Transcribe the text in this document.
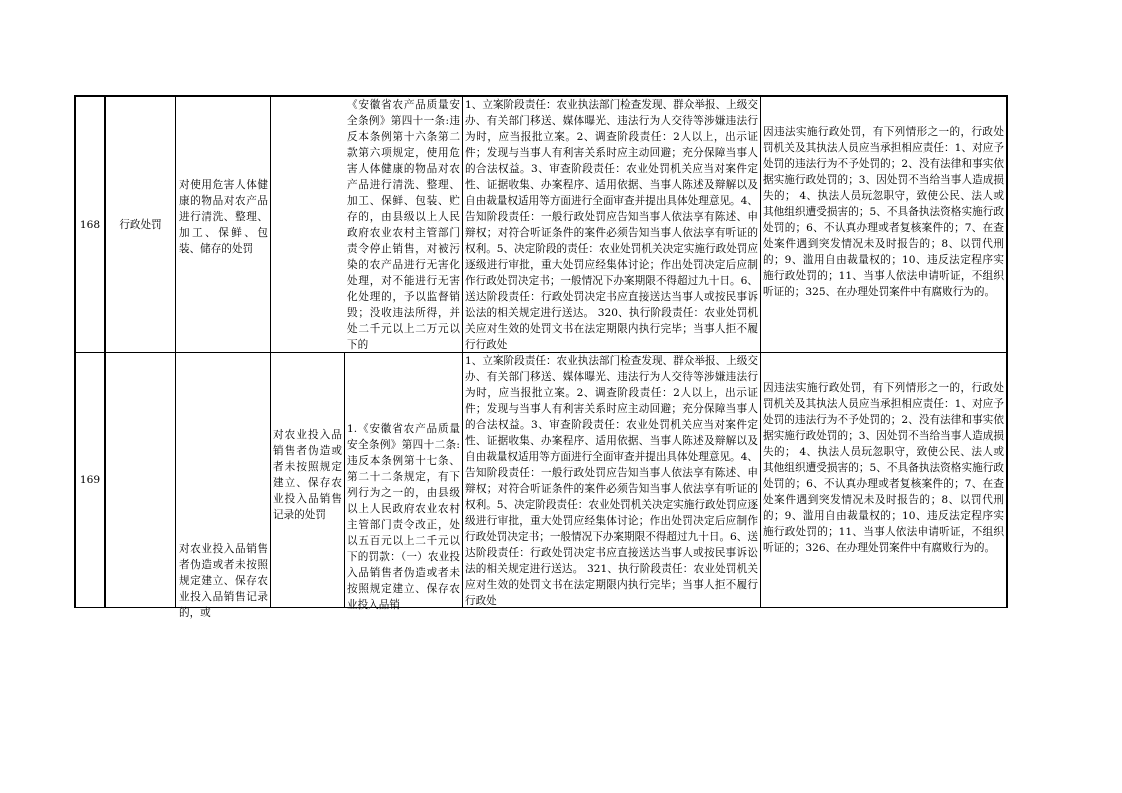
168 行政处罚
对使用危害人体健康的物品对农产品进行清洗、整理、加工、保鲜、包装、储存的处罚
《安徽省农产品质量安全条例》第四十一条:违反本条例第十六条第二款第六项规定，使用危害人体健康的物品对农产品进行清洗、整理、加工、保鲜、包装、贮存的，由县级以上人民政府农业农村主管部门责令停止销售，对被污染的农产品进行无害化处理，对不能进行无害化处理的，予以监督销毁；没收违法所得，并处二千元以上二万元以下的
1、立案阶段责任：农业执法部门检查发现、群众举报、上级交办、有关部门移送、媒体曝光、违法行为人交待等涉嫌违法行为时，应当报批立案。2、调查阶段责任：2人以上，出示证件；发现与当事人有利害关系时应主动回避；充分保障当事人的合法权益。3、审查阶段责任：农业处罚机关应当对案件定性、证据收集、办案程序、适用依据、当事人陈述及辩解以及自由裁量权适用等方面进行全面审查并提出具体处理意见。4、告知阶段责任：一般行政处罚应告知当事人依法享有陈述、申辩权；对符合听证条件的案件必须告知当事人依法享有听证的权利。5、决定阶段的责任：农业处罚机关决定实施行政处罚应逐级进行审批，重大处罚应经集体讨论；作出处罚决定后应制作行政处罚决定书；一般情况下办案期限不得超过九十日。6、送达阶段责任：行政处罚决定书应直接送达当事人或按民事诉讼法的相关规定进行送达。 320、执行阶段责任：农业处罚机关应对生效的处罚文书在法定期限内执行完毕；当事人拒不履行行政处
因违法实施行政处罚，有下列情形之一的，行政处罚机关及其执法人员应当承担相应责任：1、对应予处罚的违法行为不予处罚的；2、没有法律和事实依据实施行政处罚的；3、因处罚不当给当事人造成损失的； 4、执法人员玩忽职守，致使公民、法人或其他组织遭受损害的；5、不具备执法资格实施行政处罚的；6、不认真办理或者复核案件的；7、在查处案件遇到突发情况未及时报告的；8、以罚代刑的；9、滥用自由裁量权的；10、违反法定程序实施行政处罚的；11、当事人依法申请听证，不组织听证的；325、在办理处罚案件中有腐败行为的。
169
对农业投入品销售者伪造或者未按照规定建立、保存农业投入品销售记录的，或
对农业投入品销售者伪造或者未按照规定建立、保存农业投入品销售记录的处罚
1.《安徽省农产品质量安全条例》第四十二条:违反本条例第十七条、第二十二条规定，有下列行为之一的，由县级以上人民政府农业农村主管部门责令改正，处以五百元以上二千元以下的罚款：（一）农业投入品销售者伪造或者未按照规定建立、保存农业投入品销
1、立案阶段责任：农业执法部门检查发现、群众举报、上级交办、有关部门移送、媒体曝光、违法行为人交待等涉嫌违法行为时，应当报批立案。2、调查阶段责任：2人以上，出示证件；发现与当事人有利害关系时应主动回避；充分保障当事人的合法权益。3、审查阶段责任：农业处罚机关应当对案件定性、证据收集、办案程序、适用依据、当事人陈述及辩解以及自由裁量权适用等方面进行全面审查并提出具体处理意见。4、告知阶段责任：一般行政处罚应告知当事人依法享有陈述、申辩权；对符合听证条件的案件必须告知当事人依法享有听证的权利。5、决定阶段责任：农业处罚机关决定实施行政处罚应逐级进行审批，重大处罚应经集体讨论；作出处罚决定后应制作行政处罚决定书；一般情况下办案期限不得超过九十日。6、送达阶段责任：行政处罚决定书应直接送达当事人或按民事诉讼法的相关规定进行送达。 321、执行阶段责任：农业处罚机关应对生效的处罚文书在法定期限内执行完毕；当事人拒不履行行政处
因违法实施行政处罚，有下列情形之一的，行政处罚机关及其执法人员应当承担相应责任：1、对应予处罚的违法行为不予处罚的；2、没有法律和事实依据实施行政处罚的；3、因处罚不当给当事人造成损失的； 4、执法人员玩忽职守，致使公民、法人或其他组织遭受损害的；5、不具备执法资格实施行政处罚的；6、不认真办理或者复核案件的；7、在查处案件遇到突发情况未及时报告的；8、以罚代刑的；9、滥用自由裁量权的；10、违反法定程序实施行政处罚的；11、当事人依法申请听证，不组织听证的；326、在办理处罚案件中有腐败行为的。
